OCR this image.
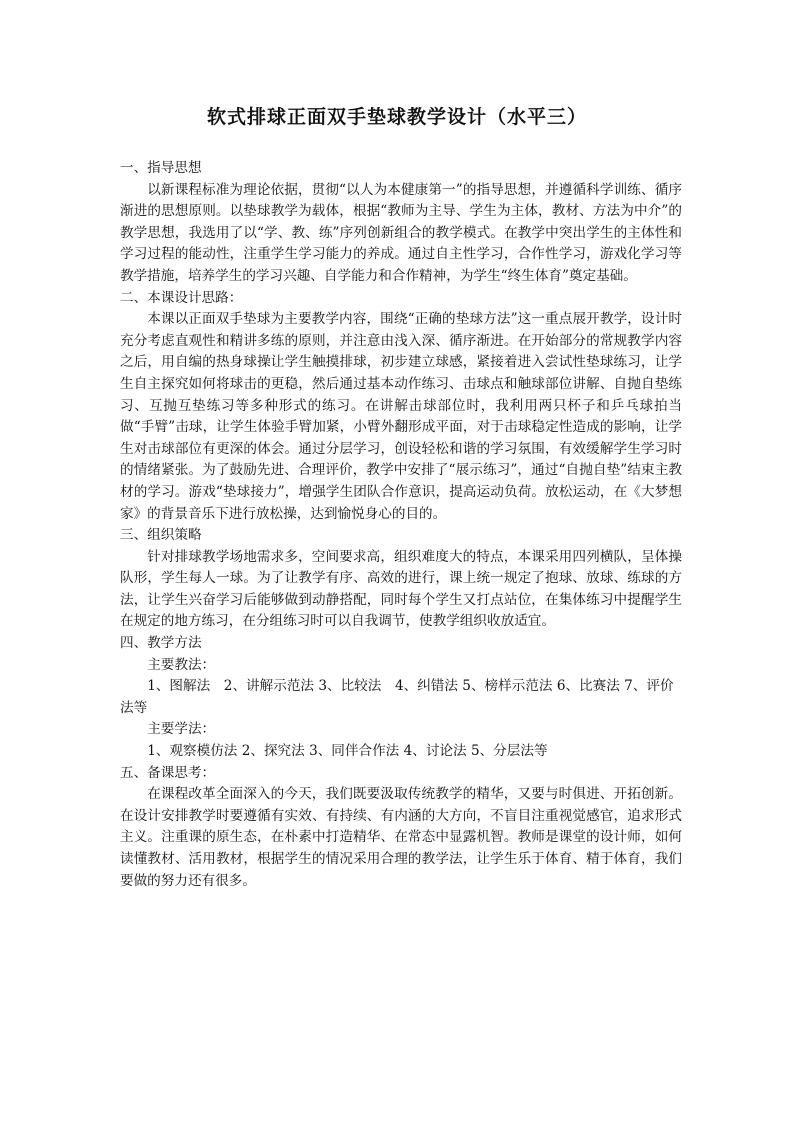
软式排球正面双手垫球教学设计（水平三）

一、指导思想

以新课程标准为理论依据，贯彻“以人为本健康第一”的指导思想，并遵循科学训练、循序渐进的思想原则。以垫球教学为载体，根据“教师为主导、学生为主体，教材、方法为中介”的教学思想，我选用了以“学、教、练”序列创新组合的教学模式。在教学中突出学生的主体性和学习过程的能动性，注重学生学习能力的养成。通过自主性学习，合作性学习，游戏化学习等教学措施，培养学生的学习兴趣、自学能力和合作精神，为学生“终生体育”奠定基础。

二、本课设计思路：

本课以正面双手垫球为主要教学内容，围绕“正确的垫球方法”这一重点展开教学，设计时充分考虑直观性和精讲多练的原则，并注意由浅入深、循序渐进。在开始部分的常规教学内容之后，用自编的热身球操让学生触摸排球，初步建立球感，紧接着进入尝试性垫球练习，让学生自主探究如何将球击的更稳，然后通过基本动作练习、击球点和触球部位讲解、自抛自垫练习、互抛互垫练习等多种形式的练习。在讲解击球部位时，我利用两只杯子和乒乓球拍当做“手臂”击球，让学生体验手臂加紧，小臂外翻形成平面，对于击球稳定性造成的影响，让学生对击球部位有更深的体会。通过分层学习，创设轻松和谐的学习氛围，有效缓解学生学习时的情绪紧张。为了鼓励先进、合理评价，教学中安排了“展示练习”，通过“自抛自垫”结束主教材的学习。游戏“垫球接力”，增强学生团队合作意识，提高运动负荷。放松运动，在《大梦想家》的背景音乐下进行放松操，达到愉悦身心的目的。

三、组织策略

针对排球教学场地需求多，空间要求高，组织难度大的特点，本课采用四列横队，呈体操队形，学生每人一球。为了让教学有序、高效的进行，课上统一规定了抱球、放球、练球的方法，让学生兴奋学习后能够做到动静搭配，同时每个学生又打点站位，在集体练习中提醒学生在规定的地方练习，在分组练习时可以自我调节，使教学组织收放适宜。

四、教学方法

主要教法：

1、图解法　2、讲解示范法 3、比较法　4、纠错法 5、榜样示范法 6、比赛法 7、评价法等

主要学法：

1、观察模仿法 2、探究法 3、同伴合作法 4、讨论法 5、分层法等

五、备课思考：

在课程改革全面深入的今天，我们既要汲取传统教学的精华，又要与时俱进、开拓创新。在设计安排教学时要遵循有实效、有持续、有内涵的大方向，不盲目注重视觉感官，追求形式主义。注重课的原生态，在朴素中打造精华、在常态中显露机智。教师是课堂的设计师，如何读懂教材、活用教材，根据学生的情况采用合理的教学法，让学生乐于体育、精于体育，我们要做的努力还有很多。
